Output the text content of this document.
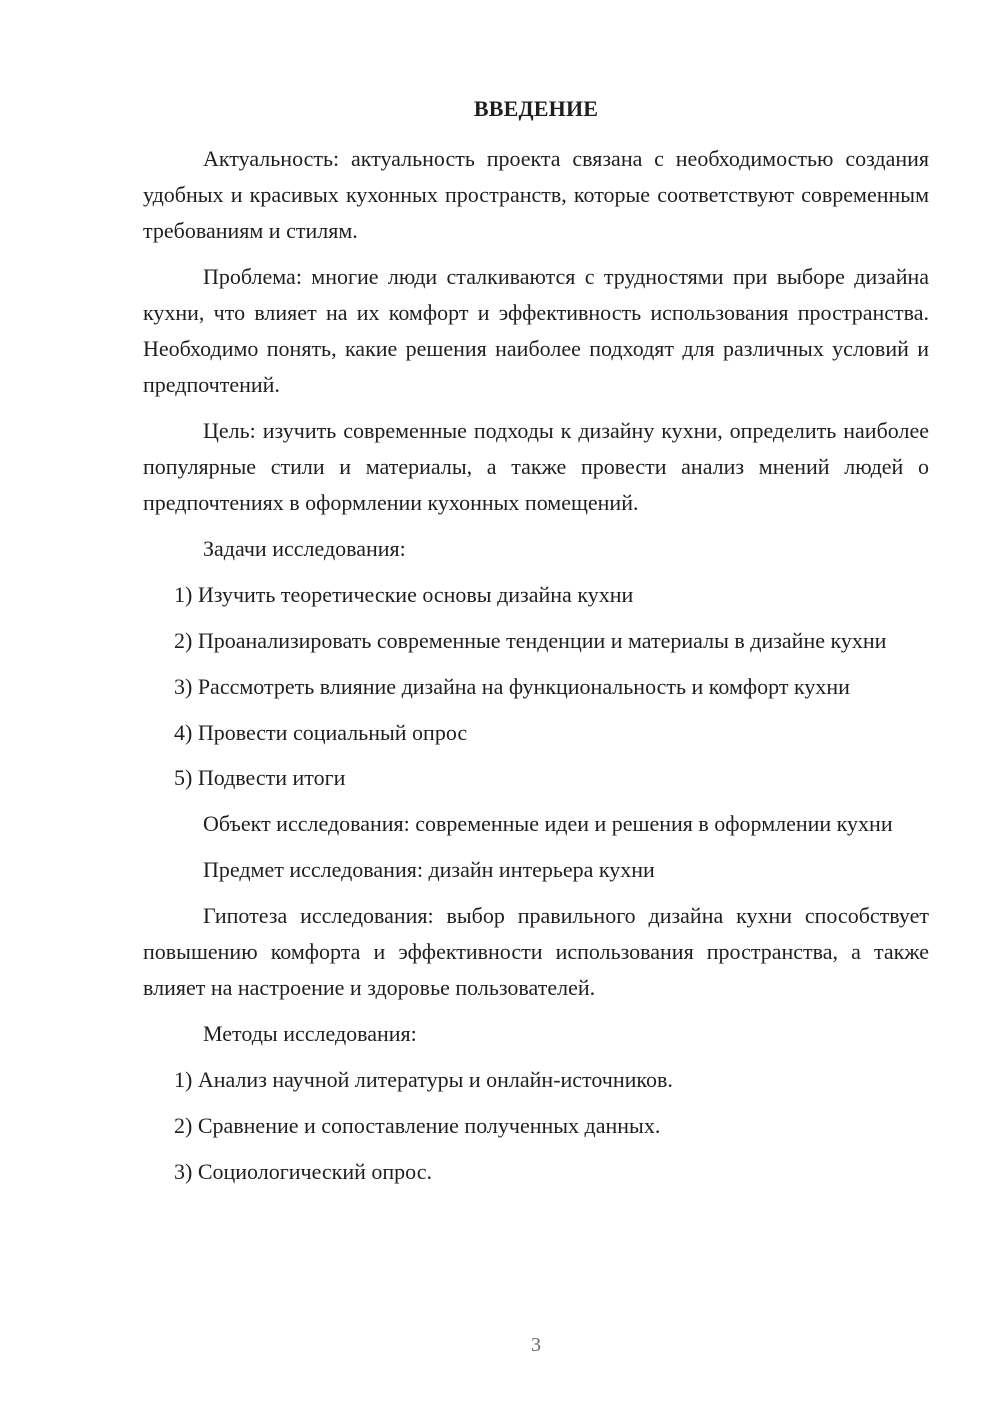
ВВЕДЕНИЕ

Актуальность: актуальность проекта связана с необходимостью создания удобных и красивых кухонных пространств, которые соответствуют современным требованиям и стилям.

Проблема: многие люди сталкиваются с трудностями при выборе дизайна кухни, что влияет на их комфорт и эффективность использования пространства. Необходимо понять, какие решения наиболее подходят для различных условий и предпочтений.

Цель: изучить современные подходы к дизайну кухни, определить наиболее популярные стили и материалы, а также провести анализ мнений людей о предпочтениях в оформлении кухонных помещений.

Задачи исследования:

1) Изучить теоретические основы дизайна кухни

2) Проанализировать современные тенденции и материалы в дизайне кухни

3) Рассмотреть влияние дизайна на функциональность и комфорт кухни

4) Провести социальный опрос

5) Подвести итоги

Объект исследования: современные идеи и решения в оформлении кухни

Предмет исследования: дизайн интерьера кухни

Гипотеза исследования: выбор правильного дизайна кухни способствует повышению комфорта и эффективности использования пространства, а также влияет на настроение и здоровье пользователей.

Методы исследования:

1) Анализ научной литературы и онлайн-источников.

2) Сравнение и сопоставление полученных данных.

3) Социологический опрос.

3
